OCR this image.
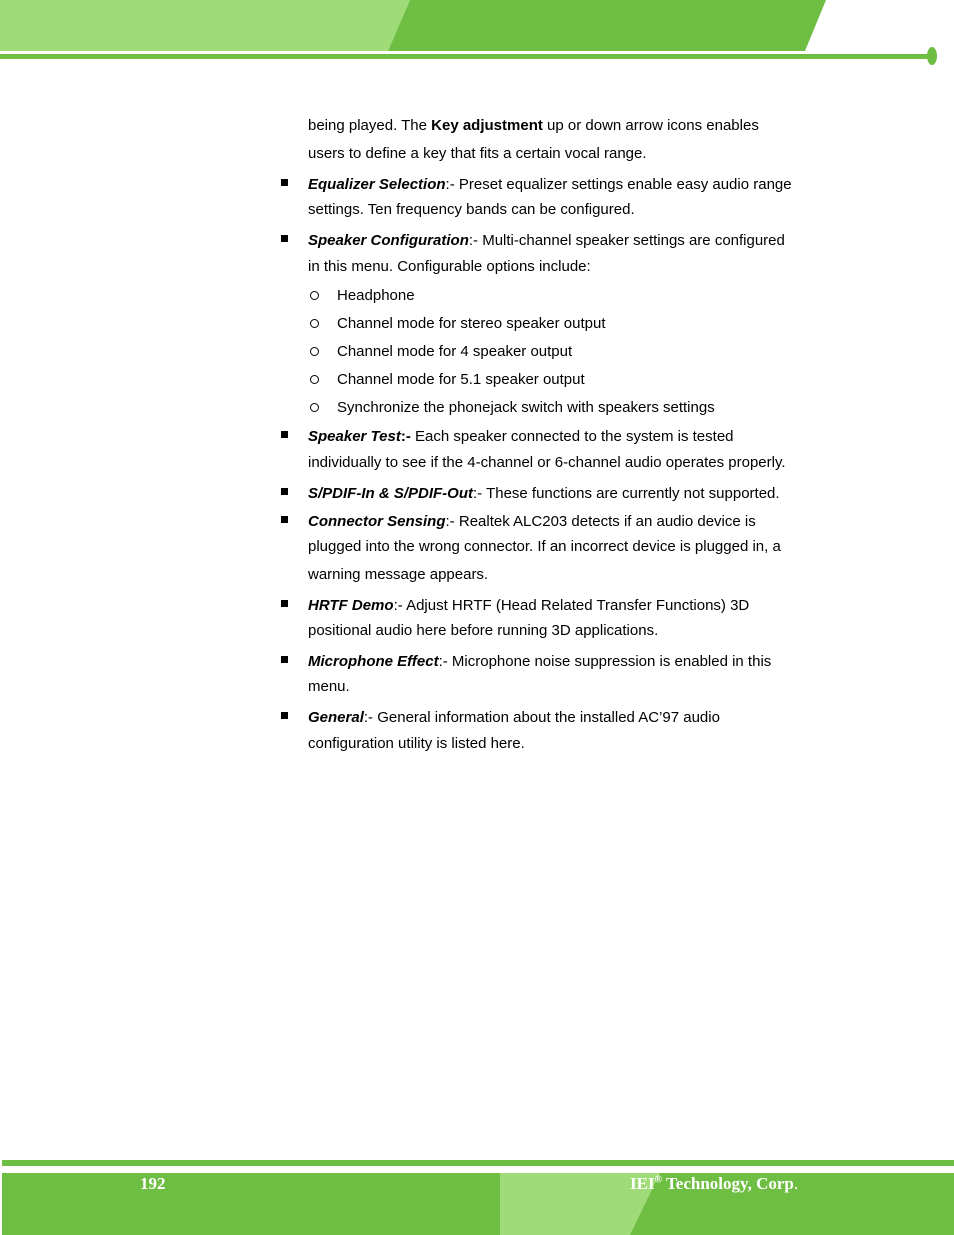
being played. The Key adjustment up or down arrow icons enables
users to define a key that fits a certain vocal range.
Equalizer Selection:- Preset equalizer settings enable easy audio range
settings. Ten frequency bands can be configured.
Speaker Configuration:- Multi-channel speaker settings are configured
in this menu. Configurable options include:
Headphone
Channel mode for stereo speaker output
Channel mode for 4 speaker output
Channel mode for 5.1 speaker output
Synchronize the phonejack switch with speakers settings
Speaker Test:- Each speaker connected to the system is tested
individually to see if the 4-channel or 6-channel audio operates properly.
S/PDIF-In & S/PDIF-Out:- These functions are currently not supported.
Connector Sensing:- Realtek ALC203 detects if an audio device is
plugged into the wrong connector. If an incorrect device is plugged in, a
warning message appears.
HRTF Demo:- Adjust HRTF (Head Related Transfer Functions) 3D
positional audio here before running 3D applications.
Microphone Effect:- Microphone noise suppression is enabled in this
menu.
General:- General information about the installed AC’97 audio
configuration utility is listed here.
192	IEI® Technology, Corp.
